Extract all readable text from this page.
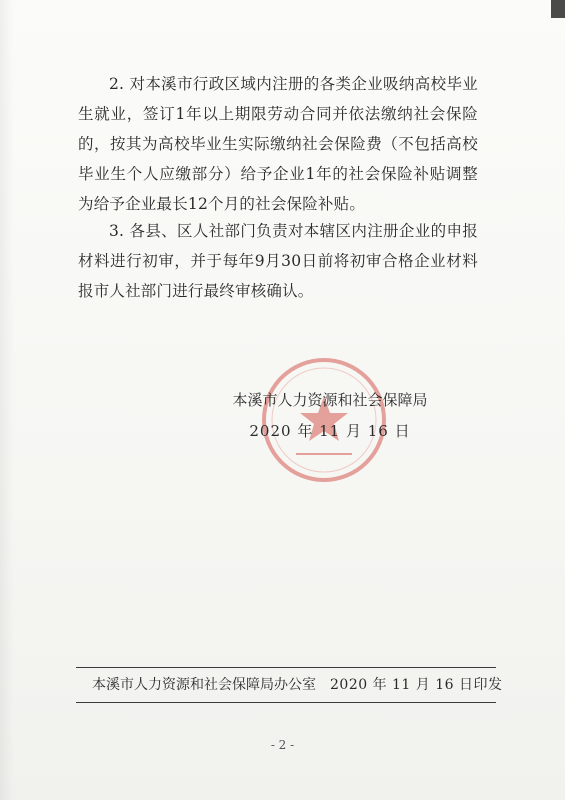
2. 对本溪市行政区域内注册的各类企业吸纳高校毕业生就业，签订1年以上期限劳动合同并依法缴纳社会保险的，按其为高校毕业生实际缴纳社会保险费（不包括高校毕业生个人应缴部分）给予企业1年的社会保险补贴调整为给予企业最长12个月的社会保险补贴。

3. 各县、区人社部门负责对本辖区内注册企业的申报材料进行初审，并于每年9月30日前将初审合格企业材料报市人社部门进行最终审核确认。

本溪市人力资源和社会保障局
2020 年 11 月 16 日
本溪市人力资源和社会保障局办公室 2020 年 11 月 16 日印发
- 2 -
